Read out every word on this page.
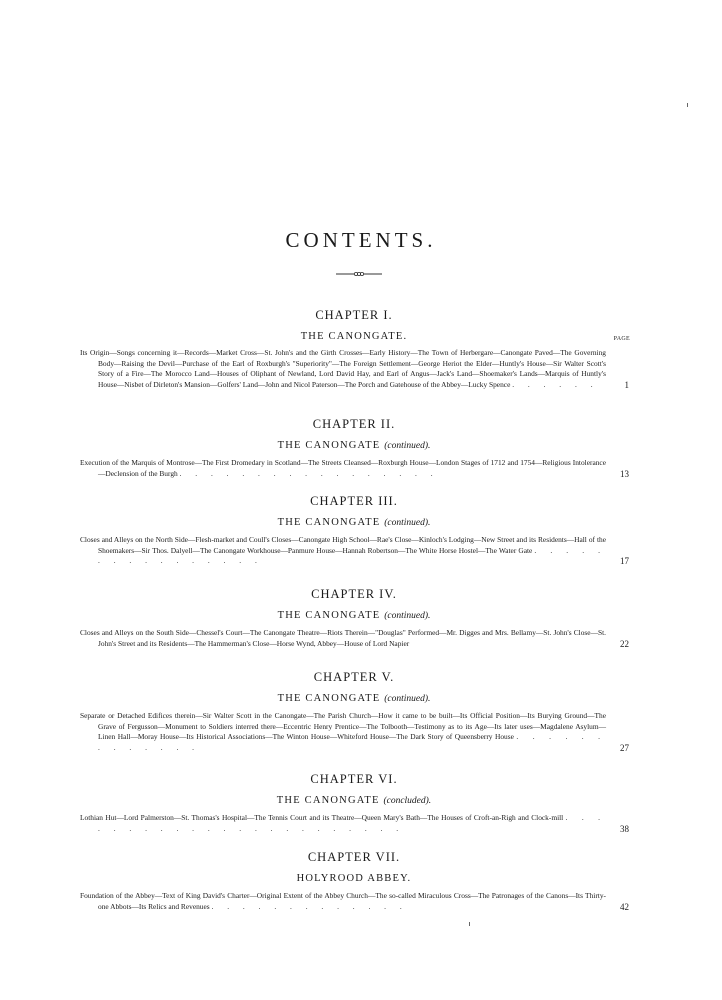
CONTENTS.
CHAPTER I.
THE CANONGATE.	PAGE
Its Origin—Songs concerning it—Records—Market Cross—St. John's and the Girth Crosses—Early History—The Town of Herbergare—Canongate Paved—The Governing Body—Raising the Devil—Purchase of the Earl of Roxburgh's "Superiority"—The Foreign Settlement—George Heriot the Elder—Huntly's House—Sir Walter Scott's Story of a Fire—The Morocco Land—Houses of Oliphant of Newland, Lord David Hay, and Earl of Angus—Jack's Land—Shoemaker's Lands—Marquis of Huntly's House—Nisbet of Dirleton's Mansion—Golfers' Land—John and Nicol Paterson—The Porch and Gatehouse of the Abbey—Lucky Spence . . . . . .	1
CHAPTER II.
THE CANONGATE (continued).
Execution of the Marquis of Montrose—The First Dromedary in Scotland—The Streets Cleansed—Roxburgh House—London Stages of 1712 and 1754—Religious Intolerance—Declension of the Burgh . . . . . . . . . . . . . . . . .	13
CHAPTER III.
THE CANONGATE (continued).
Closes and Alleys on the North Side—Flesh-market and Coull's Closes—Canongate High School—Rae's Close—Kinloch's Lodging—New Street and its Residents—Hall of the Shoemakers—Sir Thos. Dalyell—The Canongate Workhouse—Panmure House—Hannah Robertson—The White Horse Hostel—The Water Gate . . . . . . . . . . . . . . . .	17
CHAPTER IV.
THE CANONGATE (continued).
Closes and Alleys on the South Side—Chessel's Court—The Canongate Theatre—Riots Therein—"Douglas" Performed—Mr. Digges and Mrs. Bellamy—St. John's Close—St. John's Street and its Residents—The Hammerman's Close—Horse Wynd, Abbey—House of Lord Napier	22
CHAPTER V.
THE CANONGATE (continued).
Separate or Detached Edifices therein—Sir Walter Scott in the Canongate—The Parish Church—How it came to be built—Its Official Position—Its Burying Ground—The Grave of Fergusson—Monument to Soldiers interred there—Eccentric Henry Prentice—The Tolbooth—Testimony as to its Age—Its later uses—Magdalene Asylum—Linen Hall—Moray House—Its Historical Associations—The Winton House—Whiteford House—The Dark Story of Queensberry House . . . . . . . . . . . . .	27
CHAPTER VI.
THE CANONGATE (concluded).
Lothian Hut—Lord Palmerston—St. Thomas's Hospital—The Tennis Court and its Theatre—Queen Mary's Bath—The Houses of Croft-an-Righ and Clock-mill . . . . . . . . . . . . . . . . . . . . . . .	38
CHAPTER VII.
HOLYROOD ABBEY.
Foundation of the Abbey—Text of King David's Charter—Original Extent of the Abbey Church—The so-called Miraculous Cross—The Patronages of the Canons—Its Thirty-one Abbots—Its Relics and Revenues . . . . . . . . . . . . .	42
